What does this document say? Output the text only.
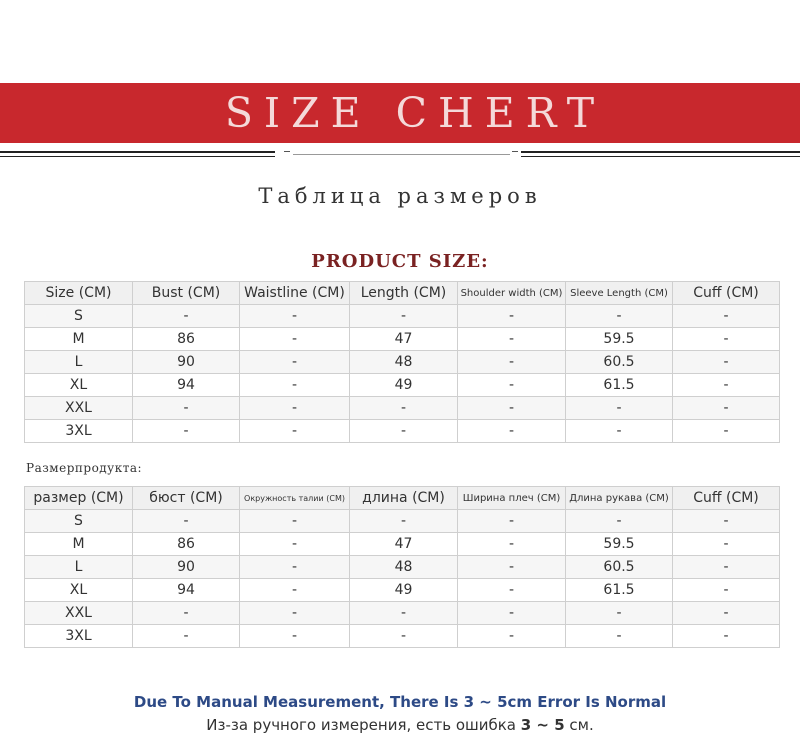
SIZE CHERT
Таблица размеров
PRODUCT SIZE:
Size (CM)	Bust (CM)	Waistline (CM)	Length (CM)	Shoulder width (CM)	Sleeve Length (CM)	Cuff (CM)
S	-	-	-	-	-	-
M	86	-	47	-	59.5	-
L	90	-	48	-	60.5	-
XL	94	-	49	-	61.5	-
XXL	-	-	-	-	-	-
3XL	-	-	-	-	-	-
Размерпродукта:
размер (CM)	бюст (CM)	Окружность талии (CM)	длина (CM)	Ширина плеч (CM)	Длина рукава (CM)	Cuff (CM)
S	-	-	-	-	-	-
M	86	-	47	-	59.5	-
L	90	-	48	-	60.5	-
XL	94	-	49	-	61.5	-
XXL	-	-	-	-	-	-
3XL	-	-	-	-	-	-
Due To Manual Measurement, There Is 3 ~ 5cm Error Is Normal
Из-за ручного измерения, есть ошибка 3 ~ 5 см.
